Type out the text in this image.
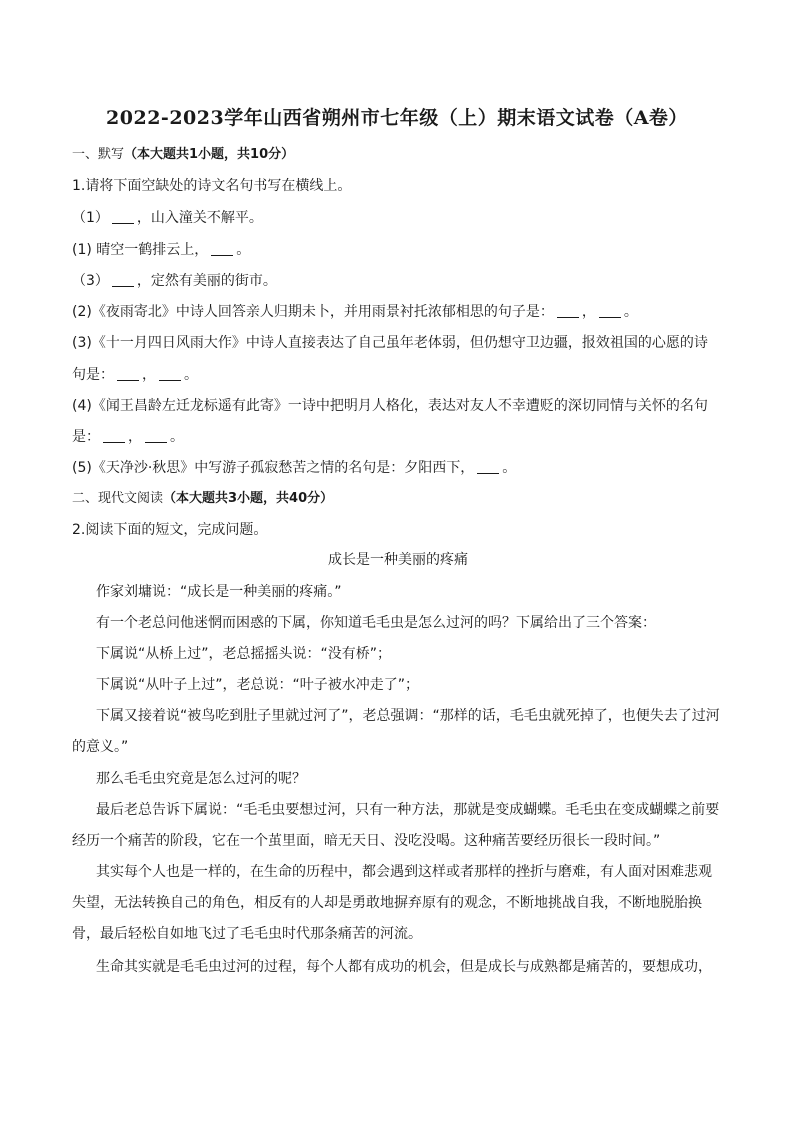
2022-2023学年山西省朔州市七年级（上）期末语文试卷（A卷）
一、默写（本大题共1小题，共10分）
1.请将下面空缺处的诗文名句书写在横线上。
（1） ，山入潼关不解平。
(1) 晴空一鹤排云上， 。
（3） ，定然有美丽的街市。
(2)《夜雨寄北》中诗人回答亲人归期未卜，并用雨景衬托浓郁相思的句子是： ， 。
(3)《十一月四日风雨大作》中诗人直接表达了自己虽年老体弱，但仍想守卫边疆，报效祖国的心愿的诗
句是： ， 。
(4)《闻王昌龄左迁龙标遥有此寄》一诗中把明月人格化，表达对友人不幸遭贬的深切同情与关怀的名句
是： ， 。
(5)《天净沙·秋思》中写游子孤寂愁苦之情的名句是：夕阳西下， 。
二、现代文阅读（本大题共3小题，共40分）
2.阅读下面的短文，完成问题。
成长是一种美丽的疼痛
作家刘墉说：“成长是一种美丽的疼痛。”
有一个老总问他迷惘而困惑的下属，你知道毛毛虫是怎么过河的吗？下属给出了三个答案：
下属说“从桥上过”，老总摇摇头说：“没有桥”；
下属说“从叶子上过”，老总说：“叶子被水冲走了”；
下属又接着说“被鸟吃到肚子里就过河了”，老总强调：“那样的话，毛毛虫就死掉了，也便失去了过河的意义。”
那么毛毛虫究竟是怎么过河的呢？
最后老总告诉下属说：“毛毛虫要想过河，只有一种方法，那就是变成蝴蝶。毛毛虫在变成蝴蝶之前要经历一个痛苦的阶段，它在一个茧里面，暗无天日、没吃没喝。这种痛苦要经历很长一段时间。”
其实每个人也是一样的，在生命的历程中，都会遇到这样或者那样的挫折与磨难，有人面对困难悲观失望，无法转换自己的角色，相反有的人却是勇敢地摒弃原有的观念，不断地挑战自我，不断地脱胎换骨，最后轻松自如地飞过了毛毛虫时代那条痛苦的河流。
生命其实就是毛毛虫过河的过程，每个人都有成功的机会，但是成长与成熟都是痛苦的，要想成功，
